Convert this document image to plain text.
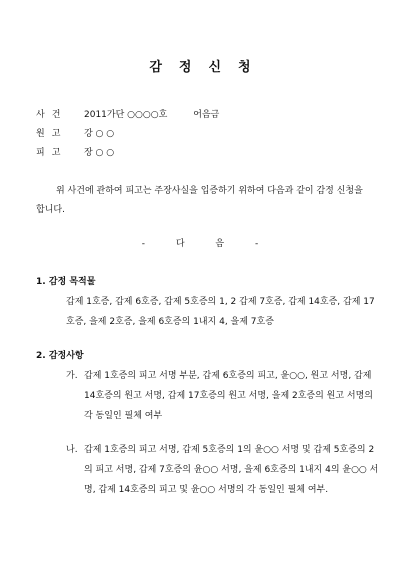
감정신청
사건 2011가단 ○○○○호	어음금
원고 강 ○ ○
피고 장 ○ ○

위 사건에 관하여 피고는 주장사실을 입증하기 위하여 다음과 같이 감정 신청을 합니다.

- 다 음 -
1. 감정 목적물

갑제 1호증, 갑제 6호증, 갑제 5호증의 1, 2 갑제 7호증, 갑제 14호증, 갑제 17호증, 을제 2호증, 을제 6호증의 1내지 4, 을제 7호증

2. 감정사항
가. 갑제 1호증의 피고 서명 부분, 갑제 6호증의 피고, 윤○○, 원고 서명, 갑제 14호증의 원고 서명, 갑제 17호증의 원고 서명, 을제 2호증의 원고 서명의 각 동일인 필체 여부
나. 갑제 1호증의 피고 서명, 갑제 5호증의 1의 윤○○ 서명 및 갑제 5호증의 2의 피고 서명, 갑제 7호증의 윤○○ 서명, 을제 6호증의 1내지 4의 윤○○ 서명, 갑제 14호증의 피고 및 윤○○ 서명의 각 동일인 필체 여부.
